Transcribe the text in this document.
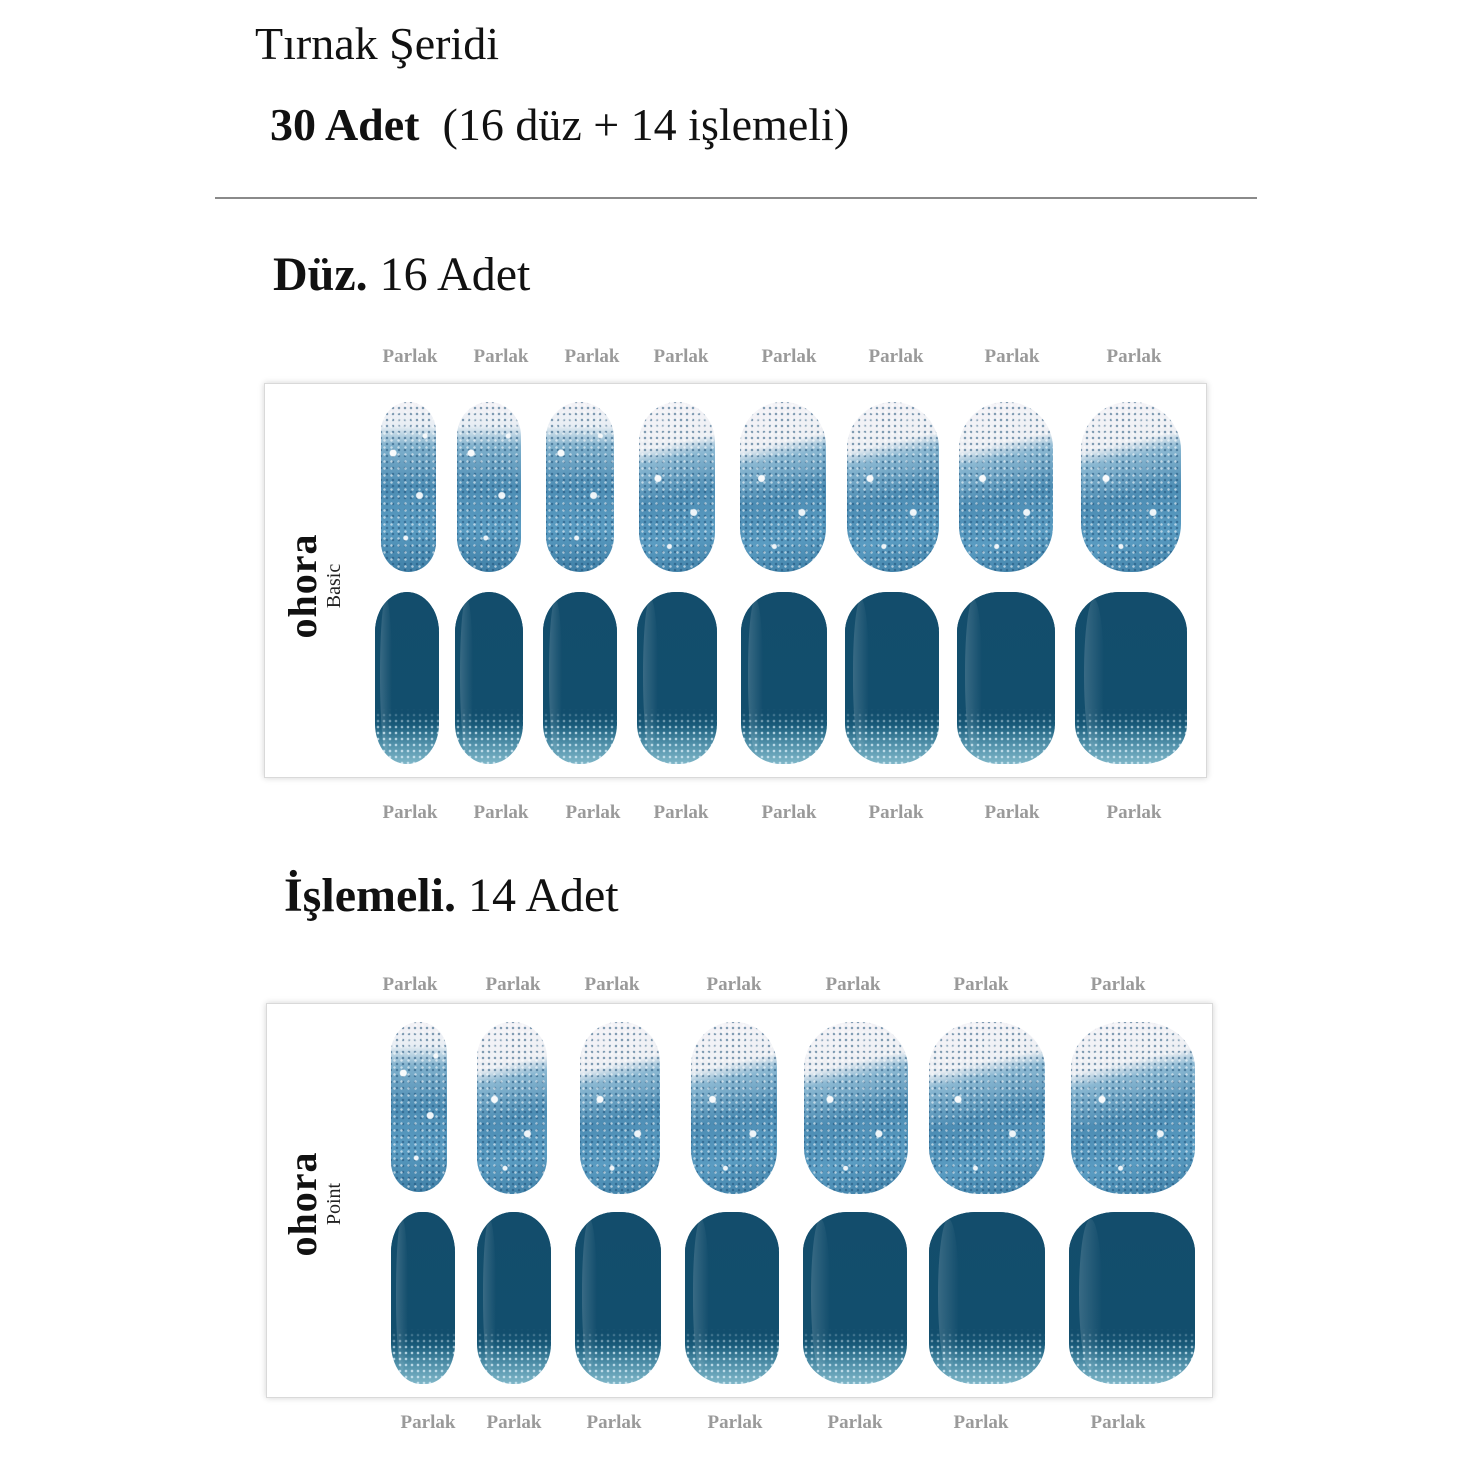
Tırnak Şeridi
30 Adet (16 düz + 14 işlemeli)
Düz. 16 Adet
Parlak Parlak Parlak Parlak	Parlak	Parlak	Parlak	Parlak
ohora
Basic
Parlak Parlak Parlak Parlak	Parlak	Parlak	Parlak	Parlak
İşlemeli. 14 Adet
Parlak	Parlak Parlak	Parlak	Parlak	Parlak	Parlak
ohora
Point
Parlak Parlak Parlak	Parlak	Parlak	Parlak	Parlak
